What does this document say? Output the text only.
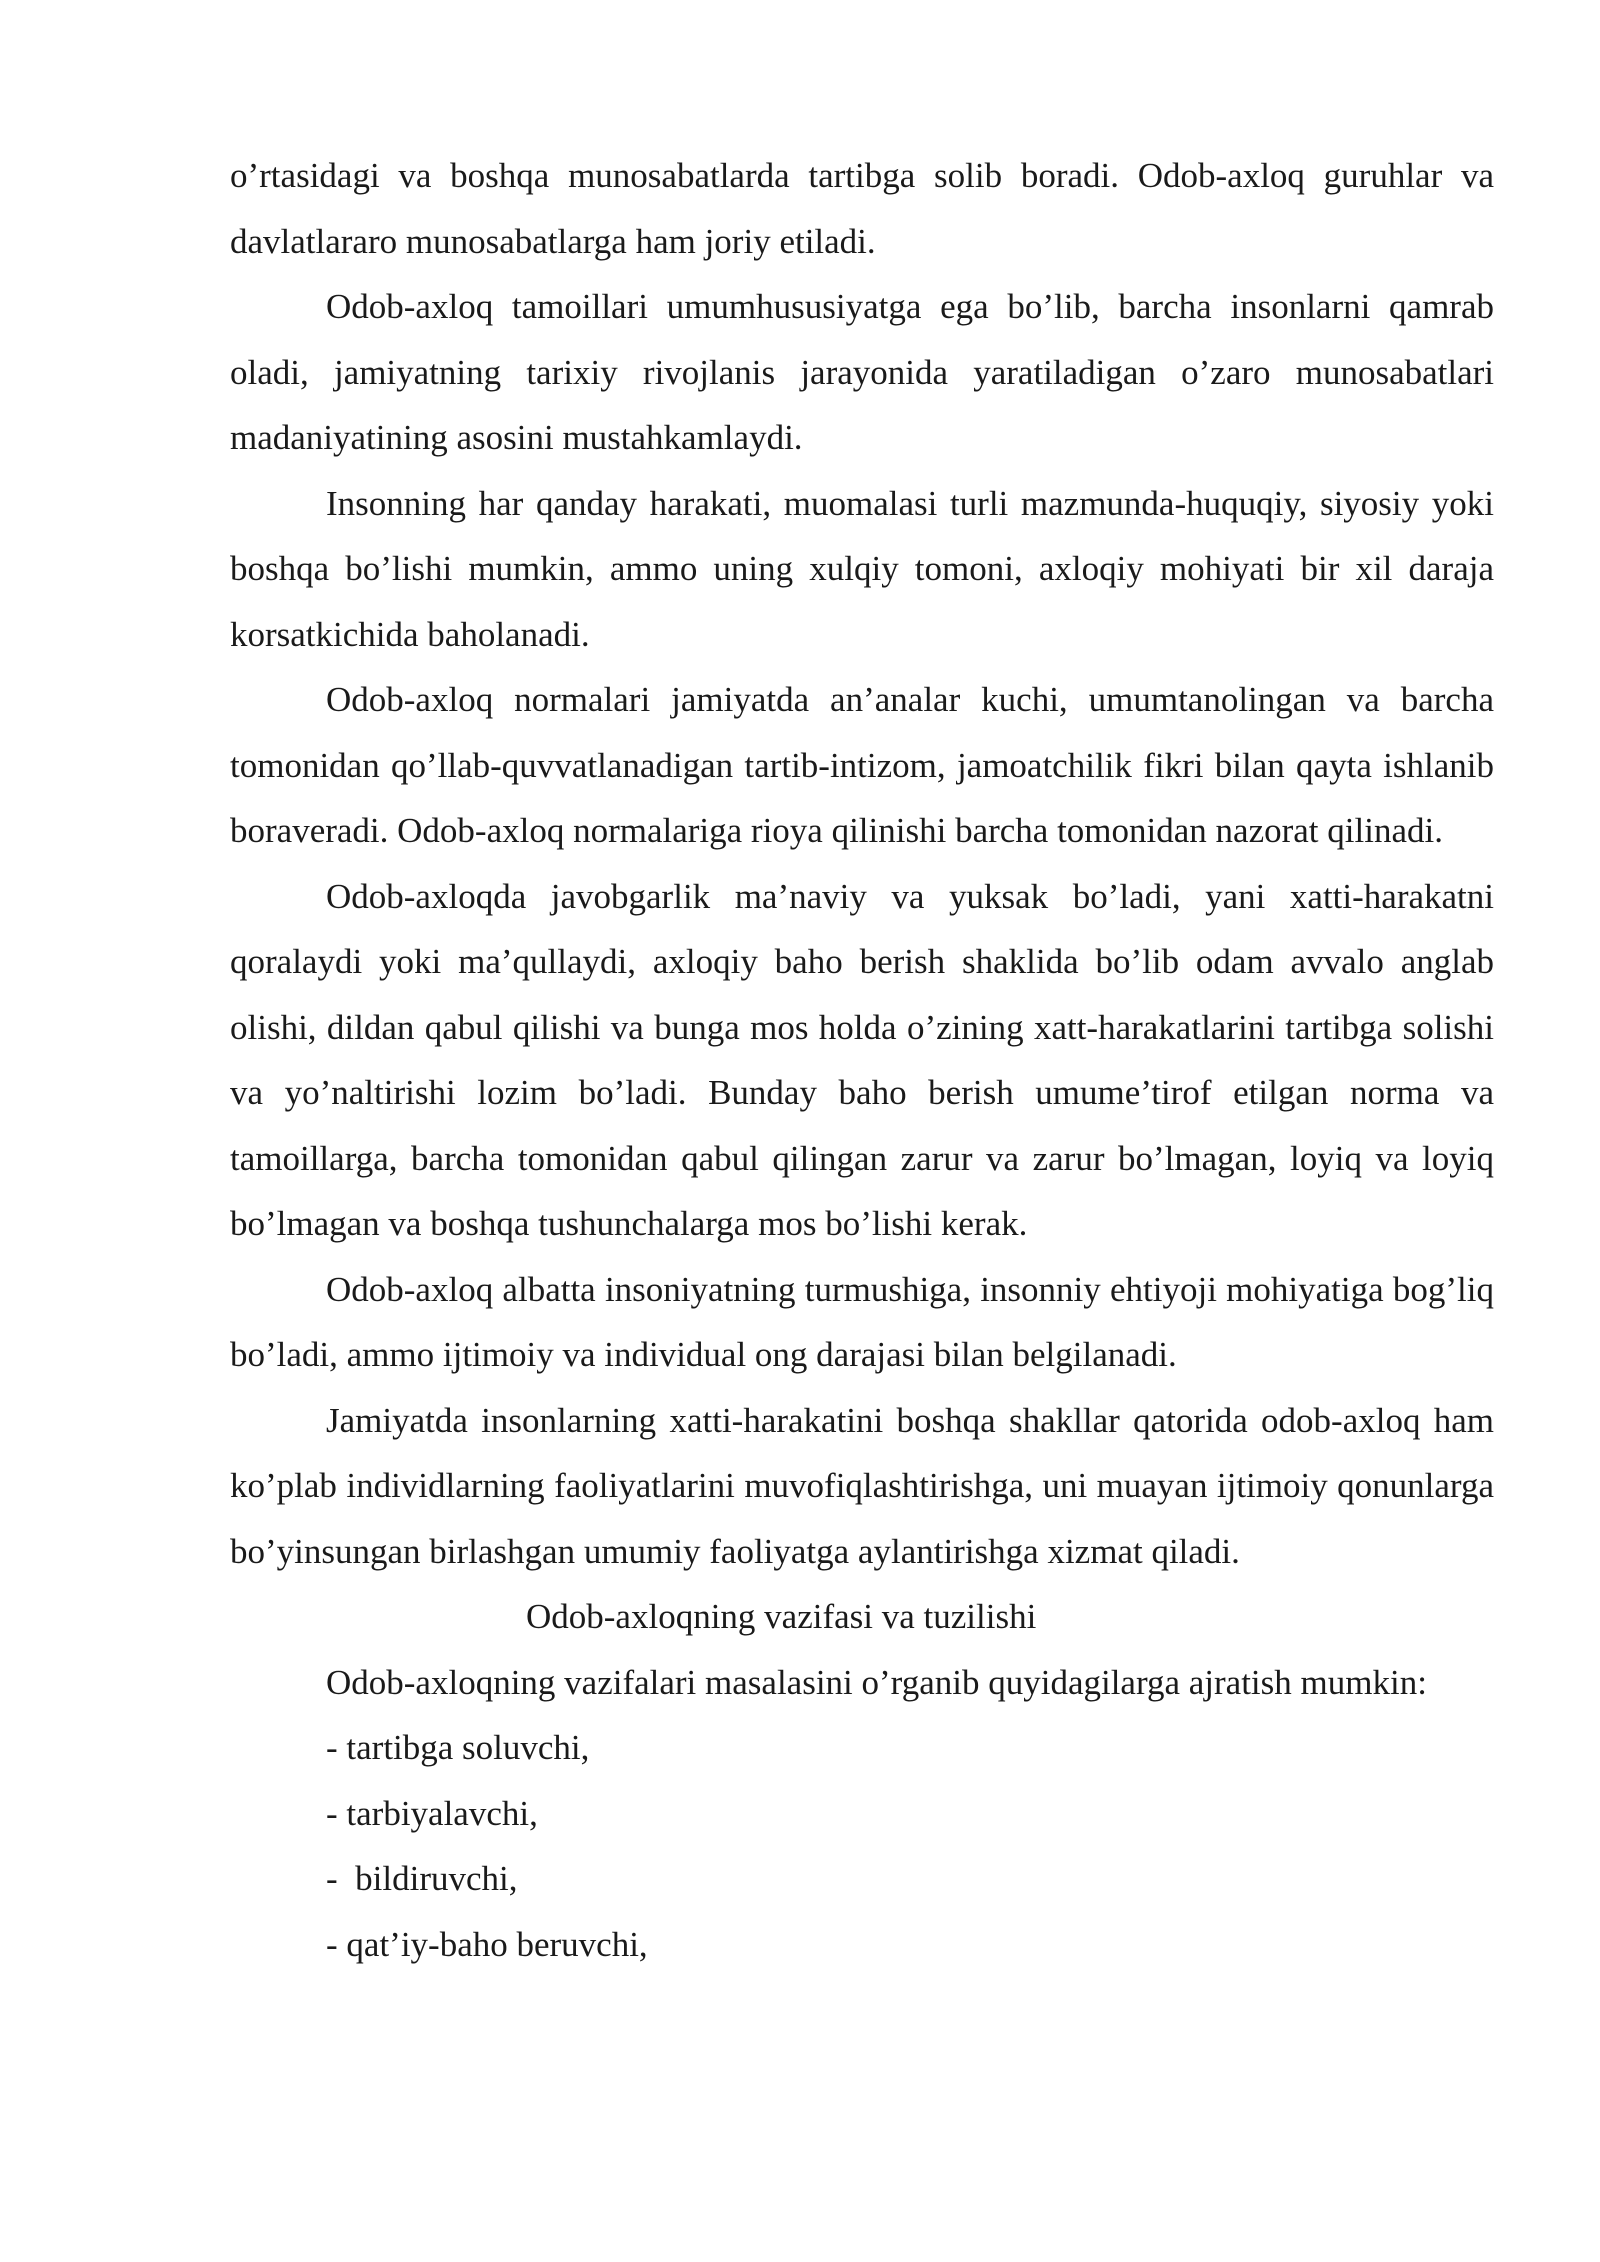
o’rtasidagi va boshqa munosabatlarda tartibga solib boradi. Odob-axloq guruhlar va davlatlararo munosabatlarga ham joriy etiladi.

Odob-axloq tamoillari umumhususiyatga ega bo’lib, barcha insonlarni qamrab oladi, jamiyatning tarixiy rivojlanis jarayonida yaratiladigan o’zaro munosabatlari madaniyatining asosini mustahkamlaydi.

Insonning har qanday harakati, muomalasi turli mazmunda-huquqiy, siyosiy yoki boshqa bo’lishi mumkin, ammo uning xulqiy tomoni, axloqiy mohiyati bir xil daraja korsatkichida baholanadi.

Odob-axloq normalari jamiyatda an’analar kuchi, umumtanolingan va barcha tomonidan qo’llab-quvvatlanadigan tartib-intizom, jamoatchilik fikri bilan qayta ishlanib boraveradi. Odob-axloq normalariga rioya qilinishi barcha tomonidan nazorat qilinadi.

Odob-axloqda javobgarlik ma’naviy va yuksak bo’ladi, yani xatti-harakatni qoralaydi yoki ma’qullaydi, axloqiy baho berish shaklida bo’lib odam avvalo anglab olishi, dildan qabul qilishi va bunga mos holda o’zining xatt-harakatlarini tartibga solishi va yo’naltirishi lozim bo’ladi. Bunday baho berish umume’tirof etilgan norma va tamoillarga, barcha tomonidan qabul qilingan zarur va zarur bo’lmagan, loyiq va loyiq bo’lmagan va boshqa tushunchalarga mos bo’lishi kerak.

Odob-axloq albatta insoniyatning turmushiga, insonniy ehtiyoji mohiyatiga bog’liq bo’ladi, ammo ijtimoiy va individual ong darajasi bilan belgilanadi.

Jamiyatda insonlarning xatti-harakatini boshqa shakllar qatorida odob-axloq ham ko’plab individlarning faoliyatlarini muvofiqlashtirishga, uni muayan ijtimoiy qonunlarga bo’yinsungan birlashgan umumiy faoliyatga aylantirishga xizmat qiladi.

Odob-axloqning vazifasi va tuzilishi

Odob-axloqning vazifalari masalasini o’rganib quyidagilarga ajratish mumkin:

- tartibga soluvchi,
- tarbiyalavchi,
-  bildiruvchi,
- qat’iy-baho beruvchi,
